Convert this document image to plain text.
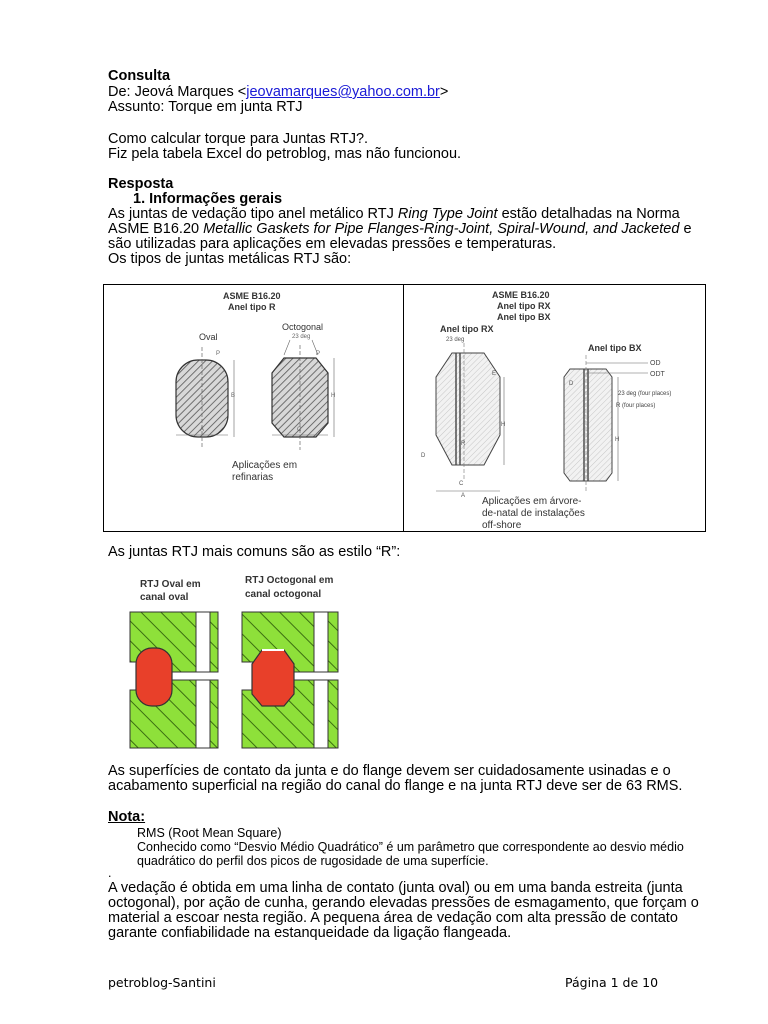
Consulta
De: Jeová Marques <jeovamarques@yahoo.com.br>
Assunto: Torque em junta RTJ
Como calcular torque para Juntas RTJ?.
Fiz pela tabela Excel do petroblog, mas não funcionou.
Resposta
1. Informações gerais
As juntas de vedação tipo anel metálico RTJ Ring Type Joint estão detalhadas na Norma
ASME B16.20 Metallic Gaskets for Pipe Flanges-Ring-Joint, Spiral-Wound, and Jacketed e
são utilizadas para aplicações em elevadas pressões e temperaturas.
Os tipos de juntas metálicas RTJ são:
ASME B16.20
Anel tipo R
Oval
Octogonal
23 deg
B
P
A
H
P
C
Aplicações em
refinarias
ASME B16.20
Anel tipo RX
Anel tipo BX
Anel tipo RX
23 deg
E
H
R
D
C
A
Anel tipo BX
OD
ODT
23 deg (four places)
R (four places)
H
D
Aplicações em árvore-
de-natal de instalações
off-shore
As juntas RTJ mais comuns são as estilo “R”:
RTJ Oval em
canal oval
RTJ Octogonal em
canal octogonal
As superfícies de contato da junta e do flange devem ser cuidadosamente usinadas e o
acabamento superficial na região do canal do flange e na junta RTJ deve ser de 63 RMS.
Nota:
RMS (Root Mean Square)
Conhecido como “Desvio Médio Quadrático” é um parâmetro que correspondente ao desvio médio
quadrático do perfil dos picos de rugosidade de uma superfície.
.
A vedação é obtida em uma linha de contato (junta oval) ou em uma banda estreita (junta
octogonal), por ação de cunha, gerando elevadas pressões de esmagamento, que forçam o
material a escoar nesta região. A pequena área de vedação com alta pressão de contato
garante confiabilidade na estanqueidade da ligação flangeada.
petroblog-Santini	Página 1 de 10
